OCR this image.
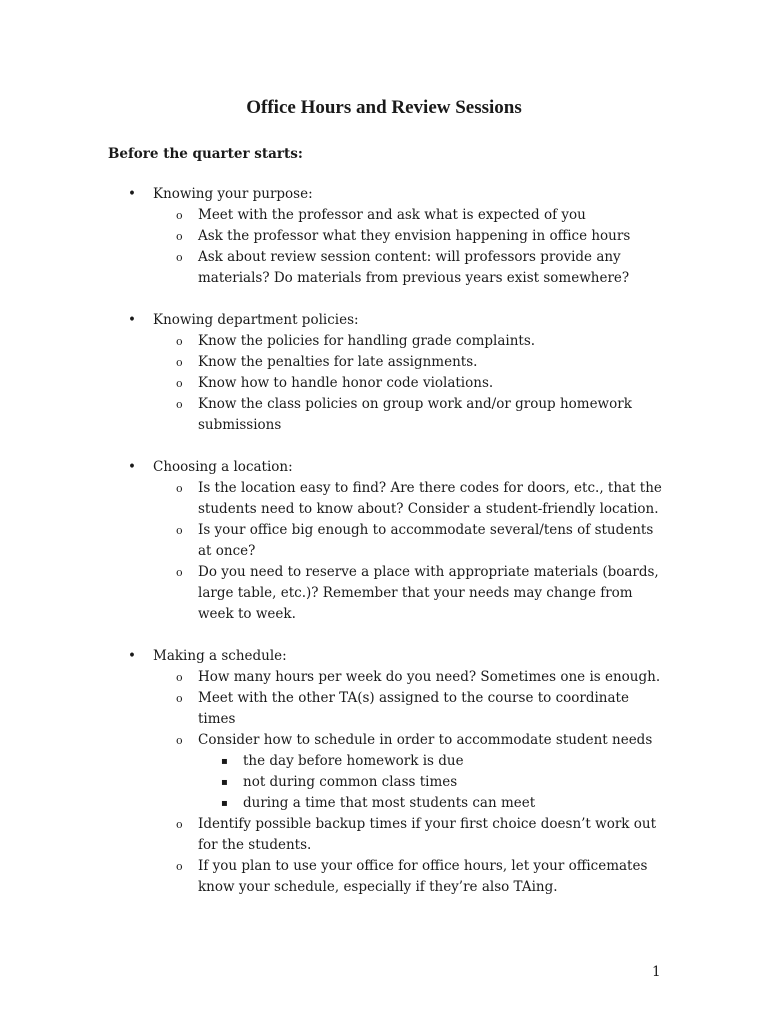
Office Hours and Review Sessions
Before the quarter starts:
• Knowing your purpose:
o Meet with the professor and ask what is expected of you
o Ask the professor what they envision happening in office hours
o Ask about review session content: will professors provide any materials? Do materials from previous years exist somewhere?
• Knowing department policies:
o Know the policies for handling grade complaints.
o Know the penalties for late assignments.
o Know how to handle honor code violations.
o Know the class policies on group work and/or group homework submissions
• Choosing a location:
o Is the location easy to find? Are there codes for doors, etc., that the students need to know about? Consider a student-friendly location.
o Is your office big enough to accommodate several/tens of students at once?
o Do you need to reserve a place with appropriate materials (boards, large table, etc.)? Remember that your needs may change from week to week.
• Making a schedule:
o How many hours per week do you need? Sometimes one is enough.
o Meet with the other TA(s) assigned to the course to coordinate times
o Consider how to schedule in order to accommodate student needs
▪ the day before homework is due
▪ not during common class times
▪ during a time that most students can meet
o Identify possible backup times if your first choice doesn’t work out for the students.
o If you plan to use your office for office hours, let your officemates know your schedule, especially if they’re also TAing.
1
